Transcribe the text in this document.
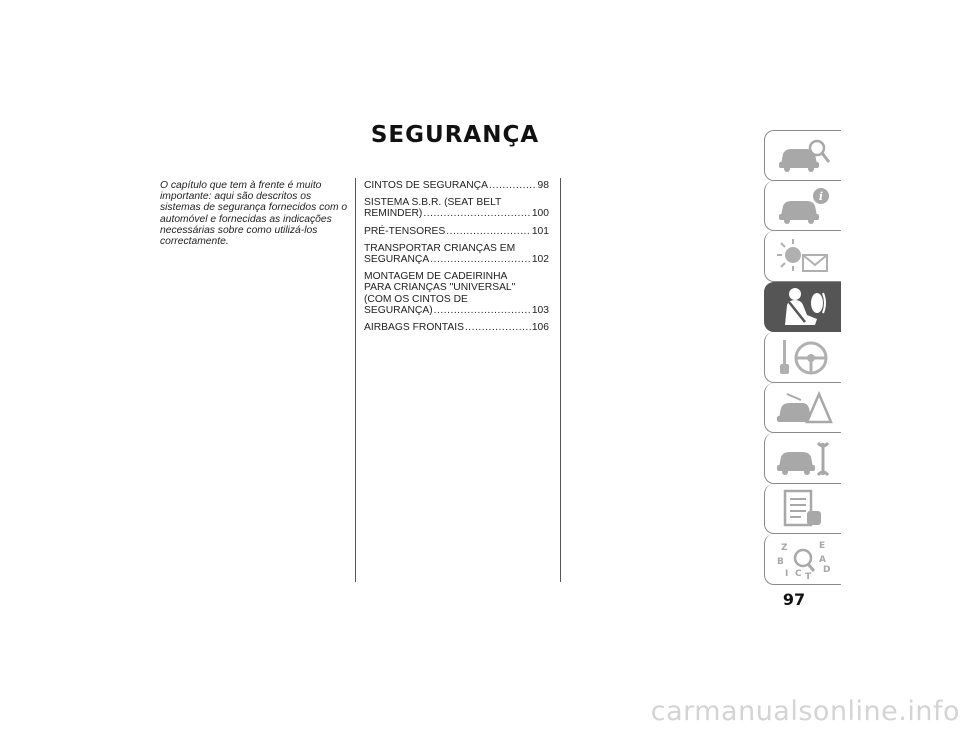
SEGURANÇA
O capítulo que tem à frente é muito importante: aqui são descritos os sistemas de segurança fornecidos com o automóvel e fornecidas as indicações necessárias sobre como utilizá-los correctamente.
CINTOS DE SEGURANÇA .....	98
SISTEMA S.B.R. (SEAT BELT
REMINDER) .....	100
PRÉ-TENSORES .....	101
TRANSPORTAR CRIANÇAS EM
SEGURANÇA .....	102
MONTAGEM DE CADEIRINHA
PARA CRIANÇAS "UNIVERSAL"
(COM OS CINTOS DE
SEGURANÇA) .....	103
AIRBAGS FRONTAIS .....	106
i
Z	E
B	A
I C T
D
97
carmanualsonline.info
